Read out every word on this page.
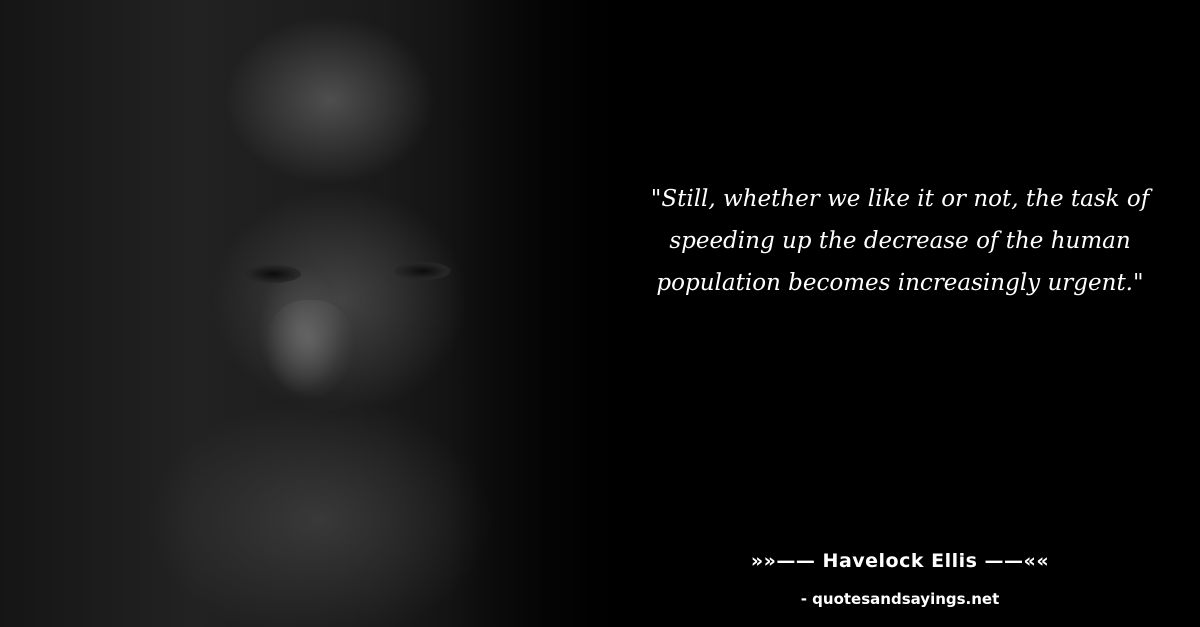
"Still, whether we like it or not, the task of speeding up the decrease of the human population becomes increasingly urgent."
»»—— Havelock Ellis ——««
- quotesandsayings.net
